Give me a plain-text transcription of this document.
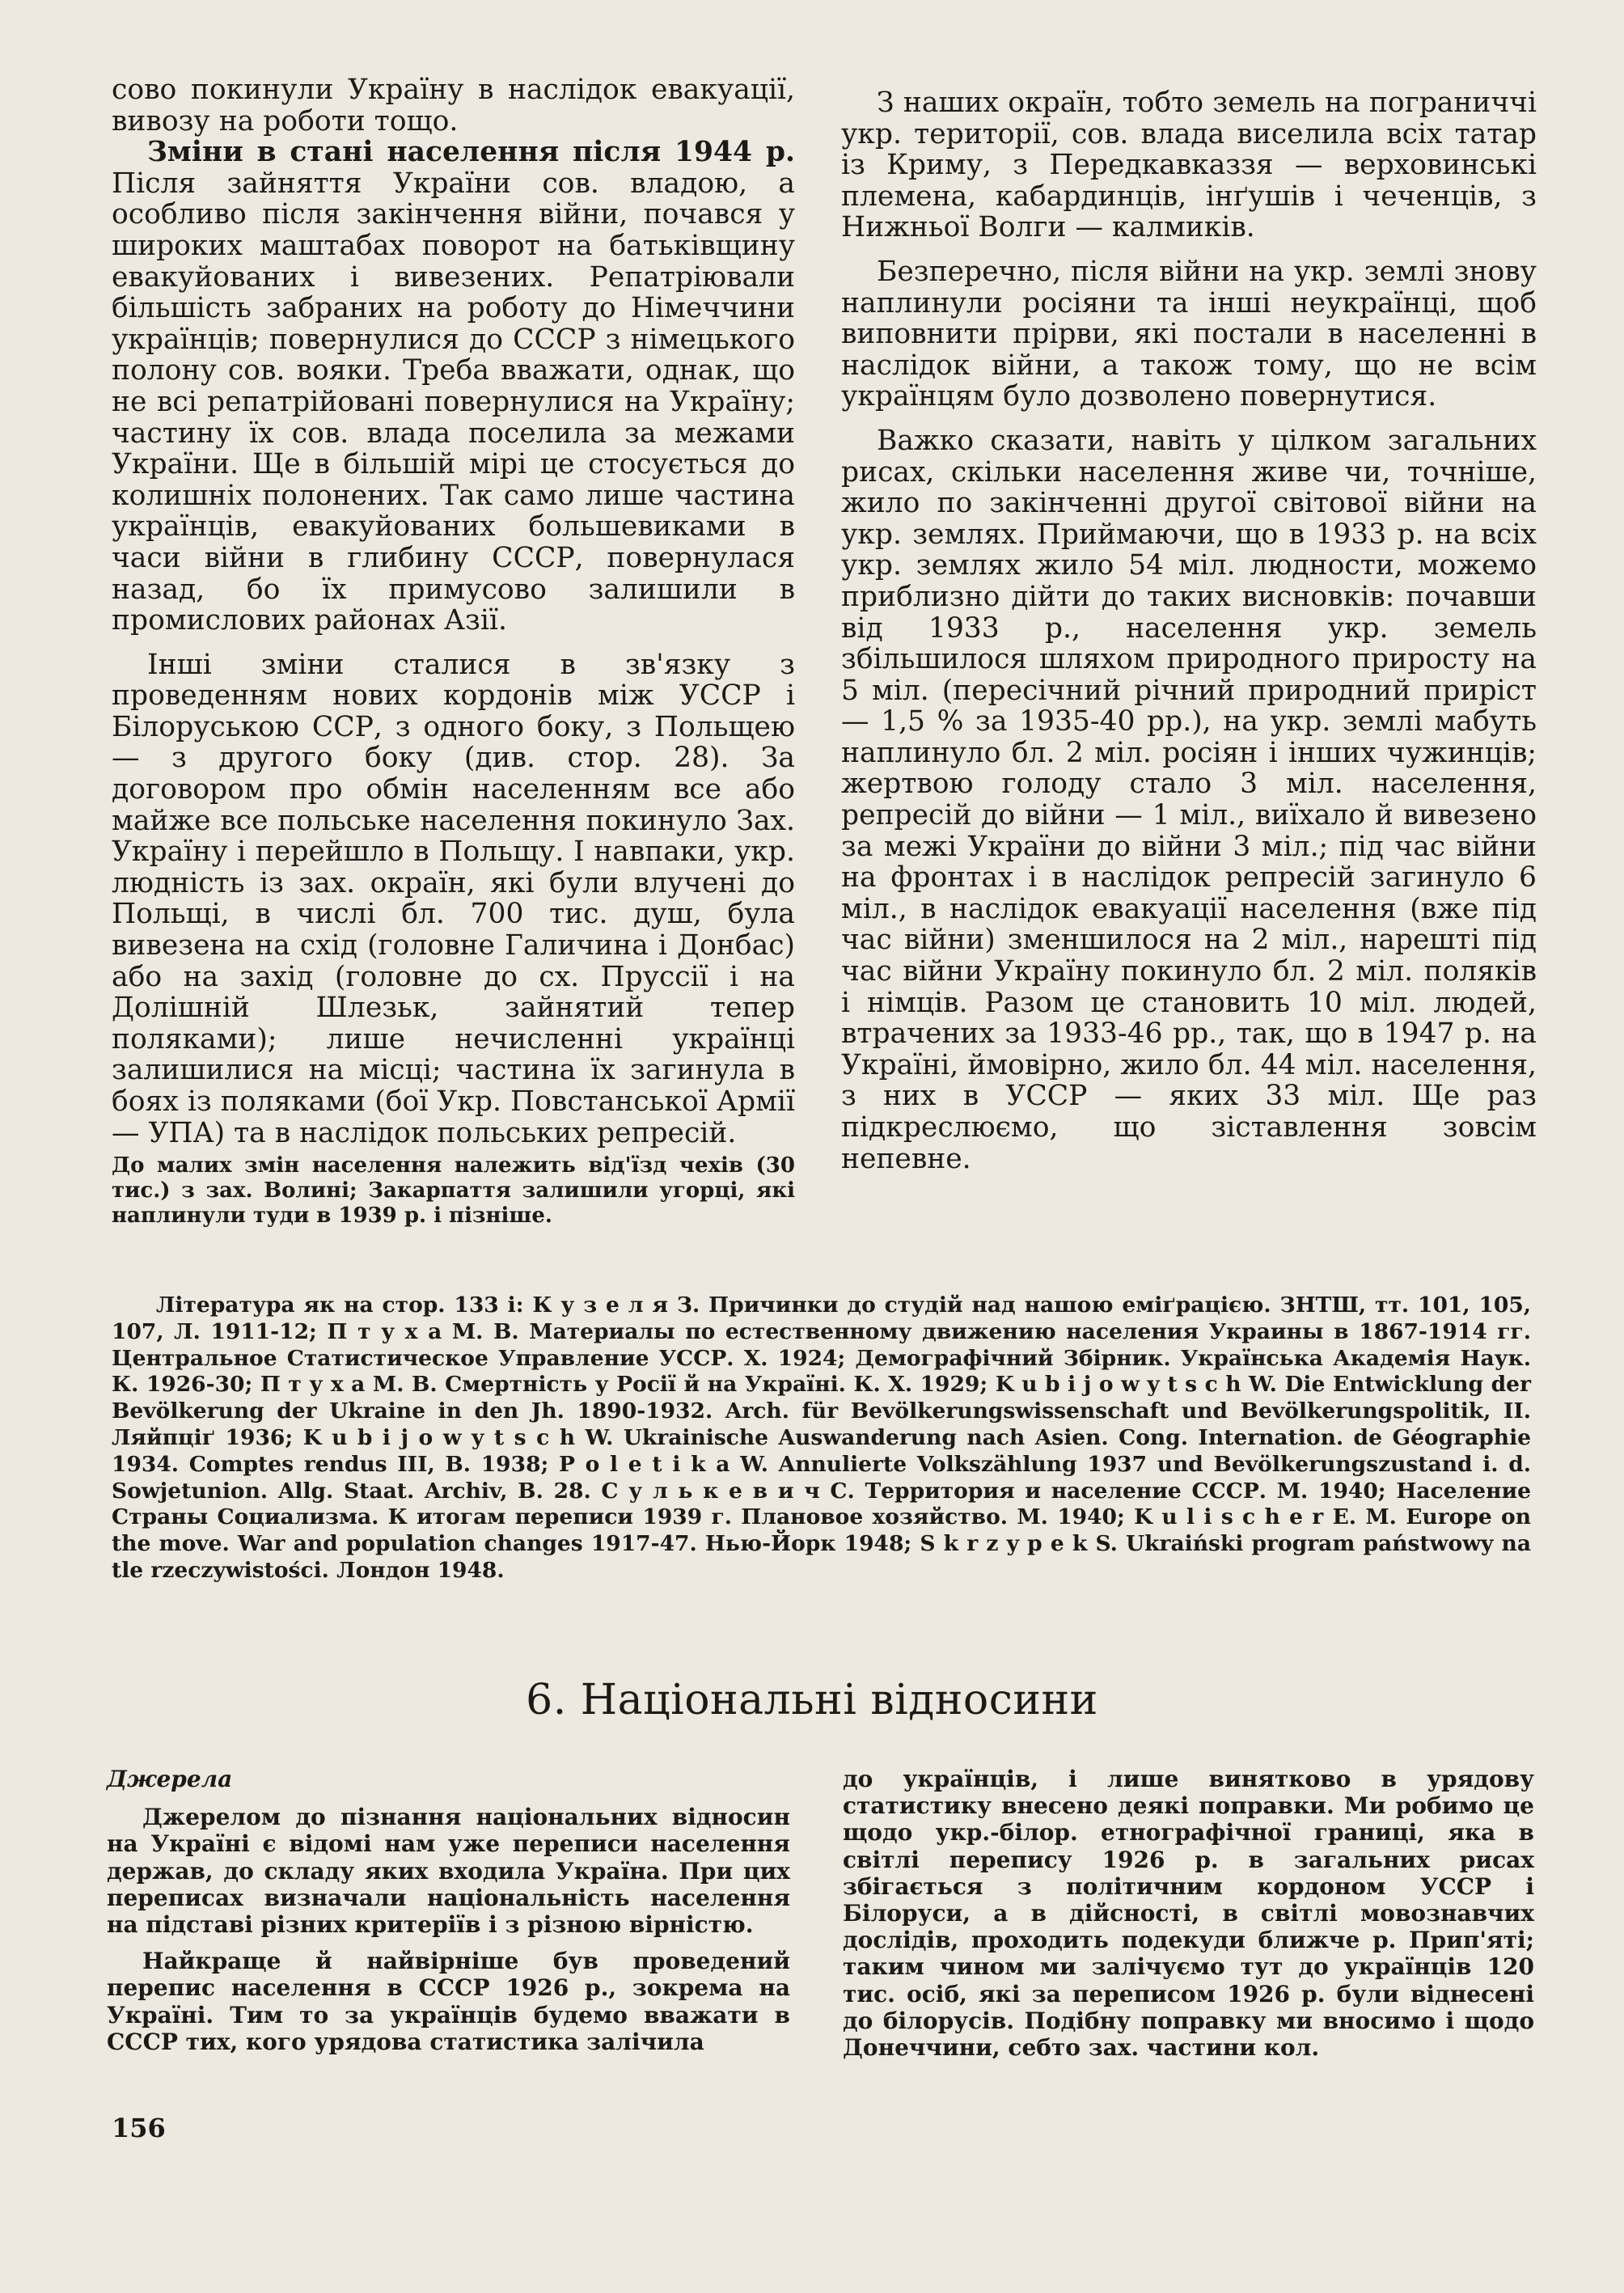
сово покинули Україну в наслідок евакуації, вивозу на роботи тощо.

Зміни в стані населення після 1944 р. Після зайняття України сов. владою, а особливо після закінчення війни, почався у широких маштабах поворот на батьківщину евакуйованих і вивезених. Репатріювали більшість забраних на роботу до Німеччини українців; повернулися до СССР з німецького полону сов. вояки. Треба вважати, однак, що не всі репатрійовані повернулися на Україну; частину їх сов. влада поселила за межами України. Ще в більшій мірі це стосується до колишніх полонених. Так само лише частина українців, евакуйованих большевиками в часи війни в глибину СССР, повернулася назад, бо їх примусово залишили в промислових районах Азії.

Інші зміни сталися в зв'язку з проведенням нових кордонів між УССР і Білоруською ССР, з одного боку, з Польщею — з другого боку (див. стор. 28). За договором про обмін населенням все або майже все польське населення покинуло Зах. Україну і перейшло в Польщу. І навпаки, укр. людність із зах. окраїн, які були влучені до Польщі, в числі бл. 700 тис. душ, була вивезена на схід (головне Галичина і Донбас) або на захід (головне до сх. Пруссії і на Долішній Шлезьк, зайнятий тепер поляками); лише нечисленні українці залишилися на місці; частина їх загинула в боях із поляками (бої Укр. Повстанської Армії — УПА) та в наслідок польських репресій.

До малих змін населення належить від'їзд чехів (30 тис.) з зах. Волині; Закарпаття залишили угорці, які наплинули туди в 1939 р. і пізніше.

З наших окраїн, тобто земель на пограниччі укр. території, сов. влада виселила всіх татар із Криму, з Передкавказзя — верховинські племена, кабардинців, інґушів і чеченців, з Нижньої Волги — калмиків.

Безперечно, після війни на укр. землі знову наплинули росіяни та інші неукраїнці, щоб виповнити прірви, які постали в населенні в наслідок війни, а також тому, що не всім українцям було дозволено повернутися.

Важко сказати, навіть у цілком загальних рисах, скільки населення живе чи, точніше, жило по закінченні другої світової війни на укр. землях. Приймаючи, що в 1933 р. на всіх укр. землях жило 54 міл. людности, можемо приблизно дійти до таких висновків: почавши від 1933 р., населення укр. земель збільшилося шляхом природного приросту на 5 міл. (пересічний річний природний приріст — 1,5 % за 1935-40 рр.), на укр. землі мабуть наплинуло бл. 2 міл. росіян і інших чужинців; жертвою голоду стало 3 міл. населення, репресій до війни — 1 міл., виїхало й вивезено за межі України до війни 3 міл.; під час війни на фронтах і в наслідок репресій загинуло 6 міл., в наслідок евакуації населення (вже під час війни) зменшилося на 2 міл., нарешті під час війни Україну покинуло бл. 2 міл. поляків і німців. Разом це становить 10 міл. людей, втрачених за 1933-46 рр., так, що в 1947 р. на Україні, ймовірно, жило бл. 44 міл. населення, з них в УССР — яких 33 міл. Ще раз підкреслюємо, що зіставлення зовсім непевне.

Література як на стор. 133 і: К у з е л я З. Причинки до студій над нашою еміґрацією. ЗНТШ, тт. 101, 105, 107, Л. 1911-12; П т у х а М. В. Материалы по естественному движению населения Украины в 1867-1914 гг. Центральное Статистическое Управление УССР. Х. 1924; Демографічний Збірник. Українська Академія Наук. К. 1926-30; П т у х а М. В. Смертність у Росії й на Україні. К. Х. 1929; K u b i j o w y t s c h W. Die Entwicklung der Bevölkerung der Ukraine in den Jh. 1890-1932. Arch. für Bevölkerungswissenschaft und Bevölkerungspolitik, II. Ляйпціґ 1936; K u b i j o w y t s c h W. Ukrainische Auswanderung nach Asien. Cong. Internation. de Géographie 1934. Comptes rendus III, B. 1938; P o l e t i k a W. Annulierte Volkszählung 1937 und Bevölkerungszustand i. d. Sowjetunion. Allg. Staat. Archiv, B. 28. С у л ь к е в и ч С. Территория и население СССР. М. 1940; Население Страны Социализма. К итогам переписи 1939 г. Плановое хозяйство. М. 1940; K u l i s c h e r E. M. Europe on the move. War and population changes 1917-47. Нью-Йорк 1948; S k r z y p e k S. Ukraiński program państwowy na tle rzeczywistości. Лондон 1948.

6. Національні відносини

Джерела

Джерелом до пізнання національних відносин на Україні є відомі нам уже переписи населення держав, до складу яких входила Україна. При цих переписах визначали національність населення на підставі різних критеріїв і з різною вірністю.

Найкраще й найвірніше був проведений перепис населення в СССР 1926 р., зокрема на Україні. Тим то за українців будемо вважати в СССР тих, кого урядова статистика залічила

до українців, і лише винятково в урядову статистику внесено деякі поправки. Ми робимо це щодо укр.-білор. етнографічної границі, яка в світлі перепису 1926 р. в загальних рисах збігається з політичним кордоном УССР і Білоруси, а в дійсності, в світлі мовознавчих дослідів, проходить подекуди ближче р. Прип'яті; таким чином ми залічуємо тут до українців 120 тис. осіб, які за переписом 1926 р. були віднесені до білорусів. Подібну поправку ми вносимо і щодо Донеччини, себто зах. частини кол.

156
